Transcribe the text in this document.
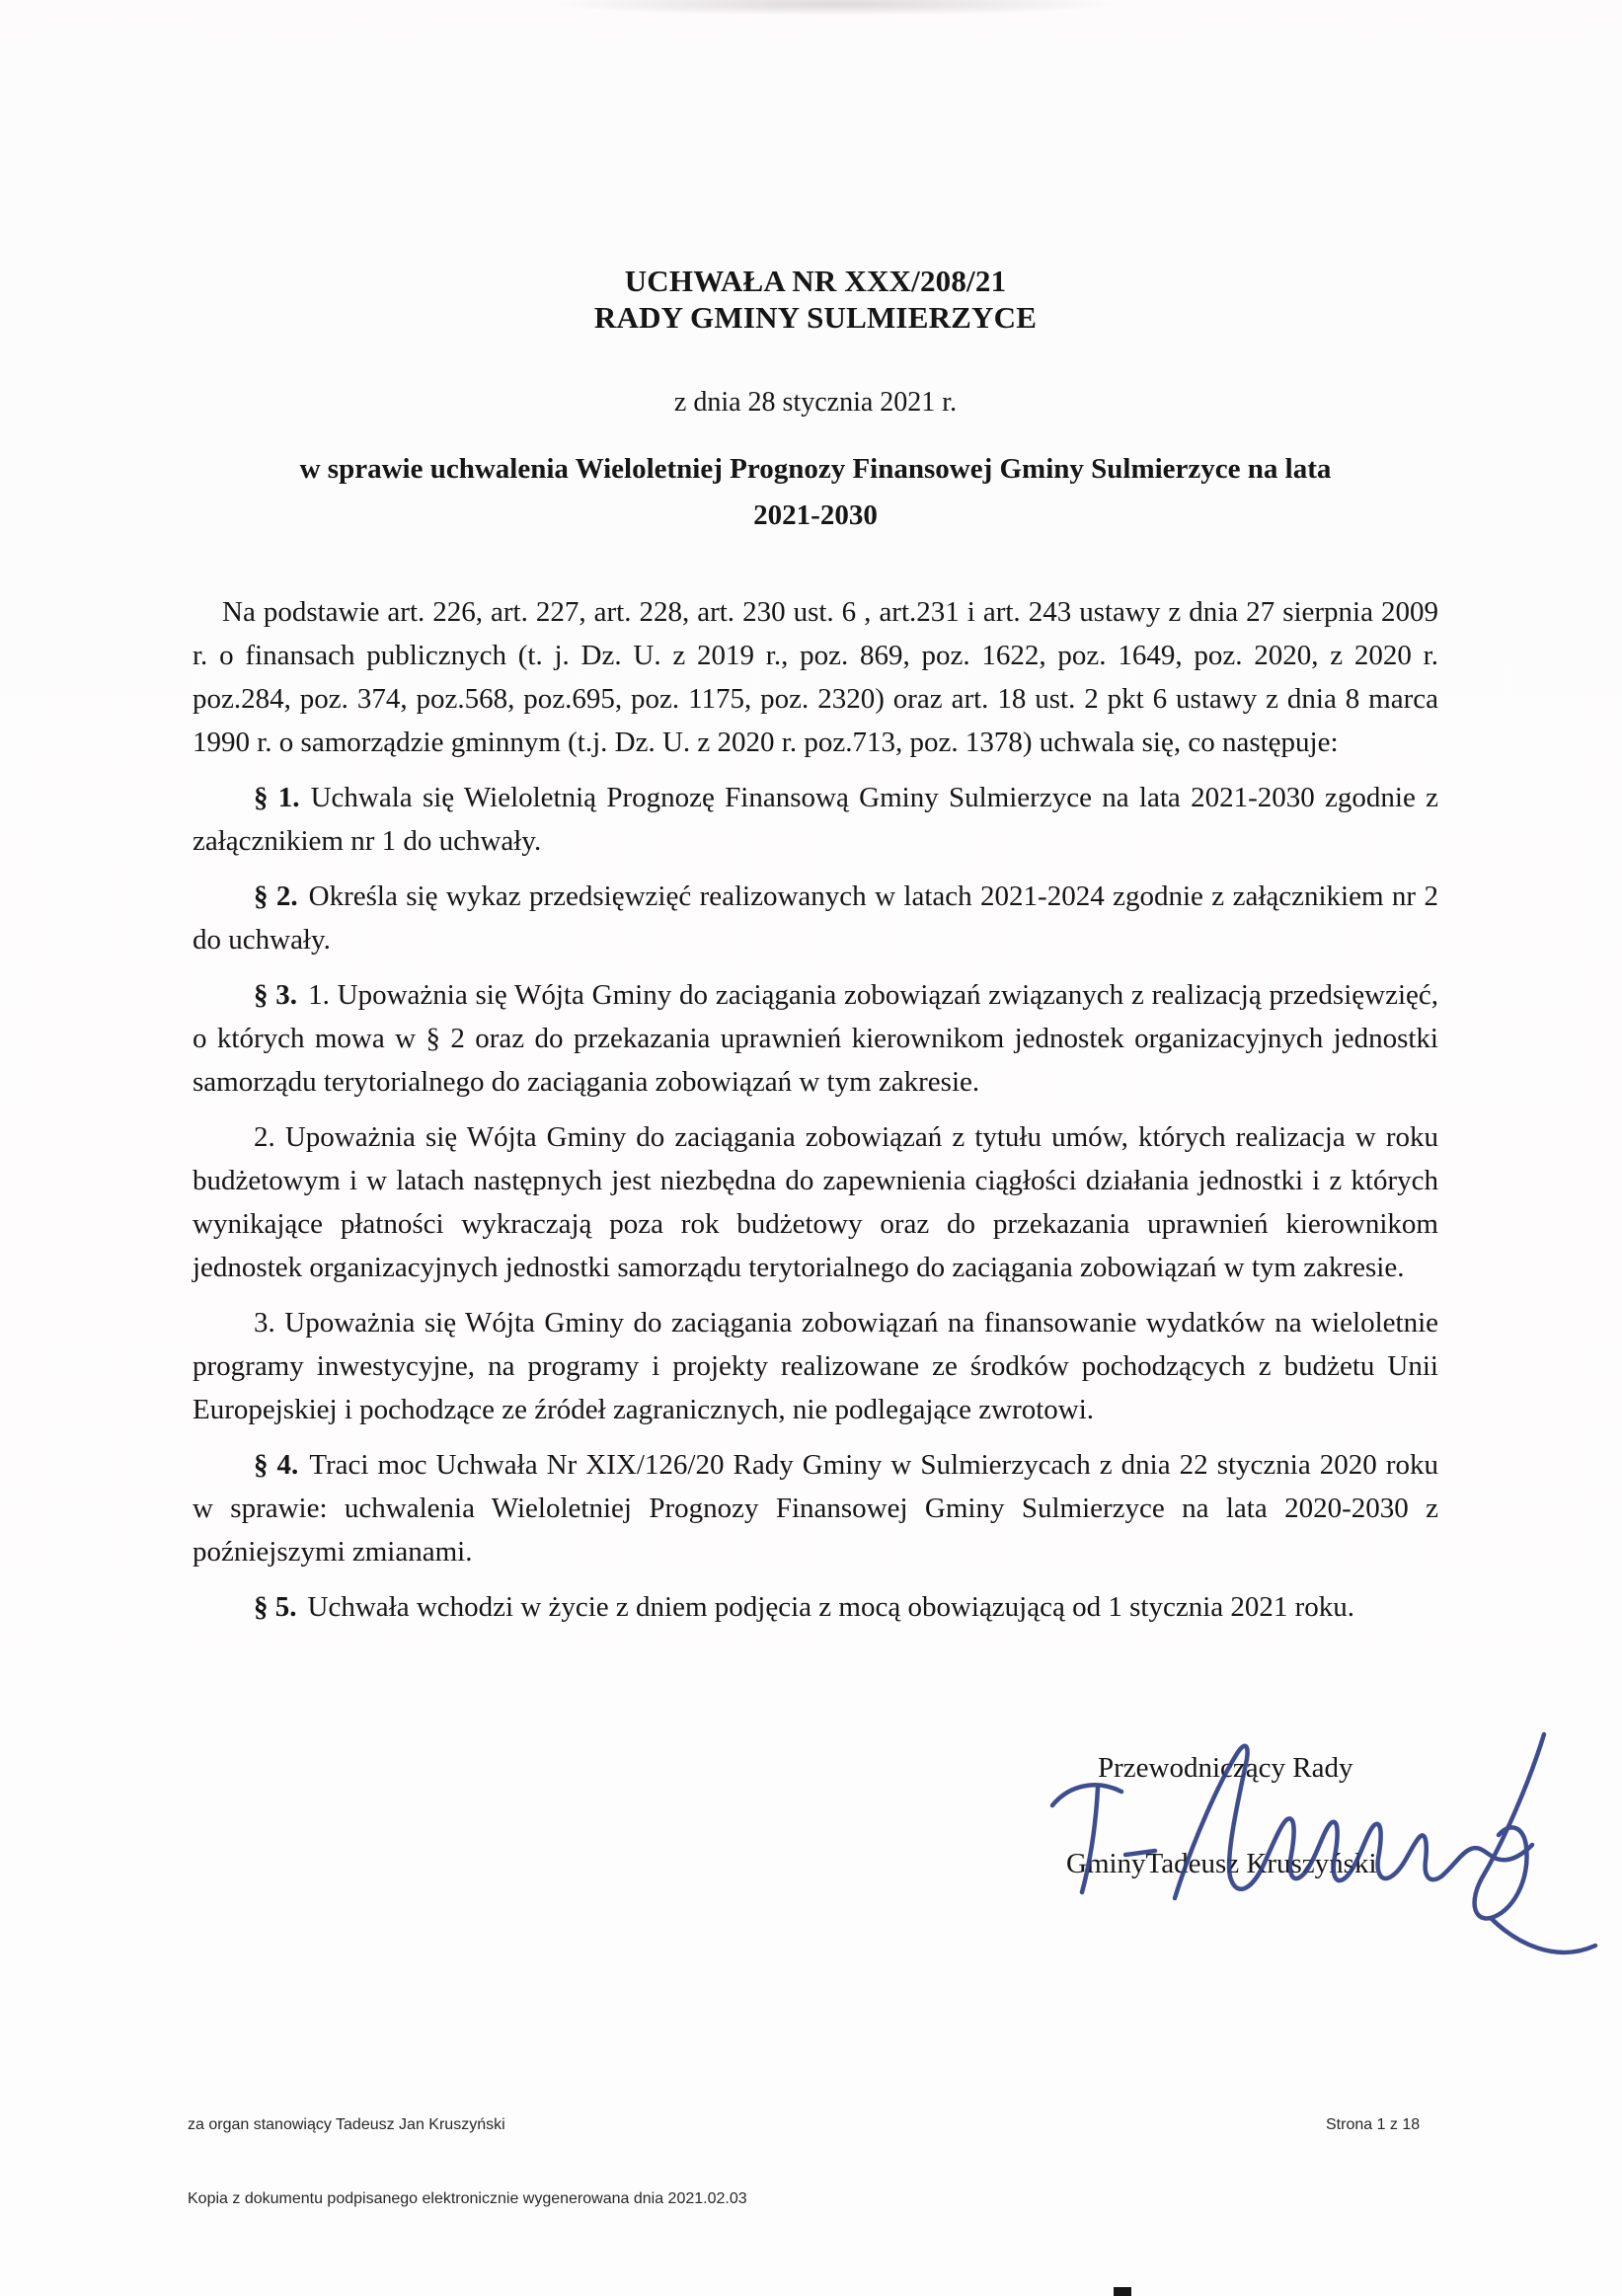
UCHWAŁA NR XXX/208/21
RADY GMINY SULMIERZYCE
z dnia 28 stycznia 2021 r.
w sprawie uchwalenia Wieloletniej Prognozy Finansowej Gminy Sulmierzyce na lata
2021-2030

Na podstawie art. 226, art. 227, art. 228, art. 230 ust. 6 , art.231 i art. 243 ustawy z dnia 27 sierpnia 2009 r. o finansach publicznych (t. j. Dz. U. z 2019 r., poz. 869, poz. 1622, poz. 1649, poz. 2020, z 2020 r. poz.284, poz. 374, poz.568, poz.695, poz. 1175, poz. 2320) oraz art. 18 ust. 2 pkt 6 ustawy z dnia 8 marca 1990 r. o samorządzie gminnym (t.j. Dz. U. z 2020 r. poz.713, poz. 1378) uchwala się, co następuje:

§ 1. Uchwala się Wieloletnią Prognozę Finansową Gminy Sulmierzyce na lata 2021-2030 zgodnie z załącznikiem nr 1 do uchwały.

§ 2. Określa się wykaz przedsięwzięć realizowanych w latach 2021-2024 zgodnie z załącznikiem nr 2 do uchwały.

§ 3. 1. Upoważnia się Wójta Gminy do zaciągania zobowiązań związanych z realizacją przedsięwzięć, o których mowa w § 2 oraz do przekazania uprawnień kierownikom jednostek organizacyjnych jednostki samorządu terytorialnego do zaciągania zobowiązań w tym zakresie.

2. Upoważnia się Wójta Gminy do zaciągania zobowiązań z tytułu umów, których realizacja w roku budżetowym i w latach następnych jest niezbędna do zapewnienia ciągłości działania jednostki i z których wynikające płatności wykraczają poza rok budżetowy oraz do przekazania uprawnień kierownikom jednostek organizacyjnych jednostki samorządu terytorialnego do zaciągania zobowiązań w tym zakresie.

3. Upoważnia się Wójta Gminy do zaciągania zobowiązań na finansowanie wydatków na wieloletnie programy inwestycyjne, na programy i projekty realizowane ze środków pochodzących z budżetu Unii Europejskiej i pochodzące ze źródeł zagranicznych, nie podlegające zwrotowi.

§ 4. Traci moc Uchwała Nr XIX/126/20 Rady Gminy w Sulmierzycach z dnia 22 stycznia 2020 roku w sprawie: uchwalenia Wieloletniej Prognozy Finansowej Gminy Sulmierzyce na lata 2020-2030 z poźniejszymi zmianami.

§ 5. Uchwała wchodzi w życie z dniem podjęcia z mocą obowiązującą od 1 stycznia 2021 roku.

Przewodniczący Rady
GminyTadeusz Kruszyński
za organ stanowiący Tadeusz Jan Kruszyński
Kopia z dokumentu podpisanego elektronicznie wygenerowana dnia 2021.02.03
Strona 1 z 18
